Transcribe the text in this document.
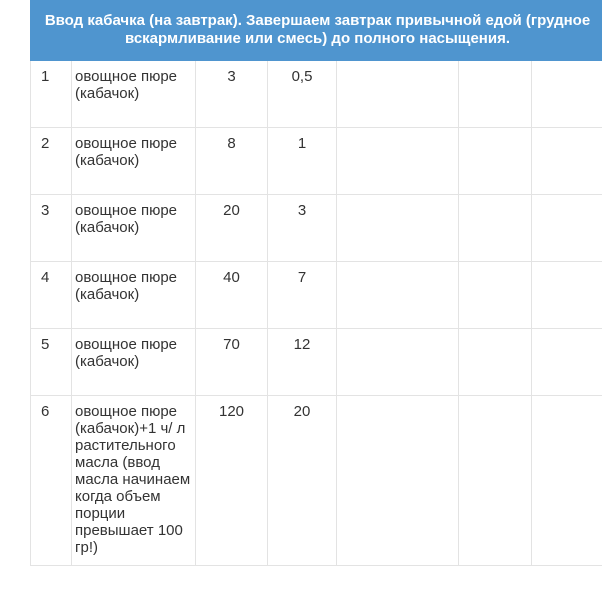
Ввод кабачка (на завтрак). Завершаем завтрак привычной едой (грудное вскармливание или смесь) до полного насыщения.						
1	овощное пюре (кабачок)	3	0,5			
2	овощное пюре (кабачок)	8	1			
3	овощное пюре (кабачок)	20	3			
4	овощное пюре (кабачок)	40	7			
5	овощное пюре (кабачок)	70	12			
6	овощное пюре (кабачок)+1 ч/ л растительного масла (ввод масла начинаем когда объем порции превышает 100 гр!)	120	20			
